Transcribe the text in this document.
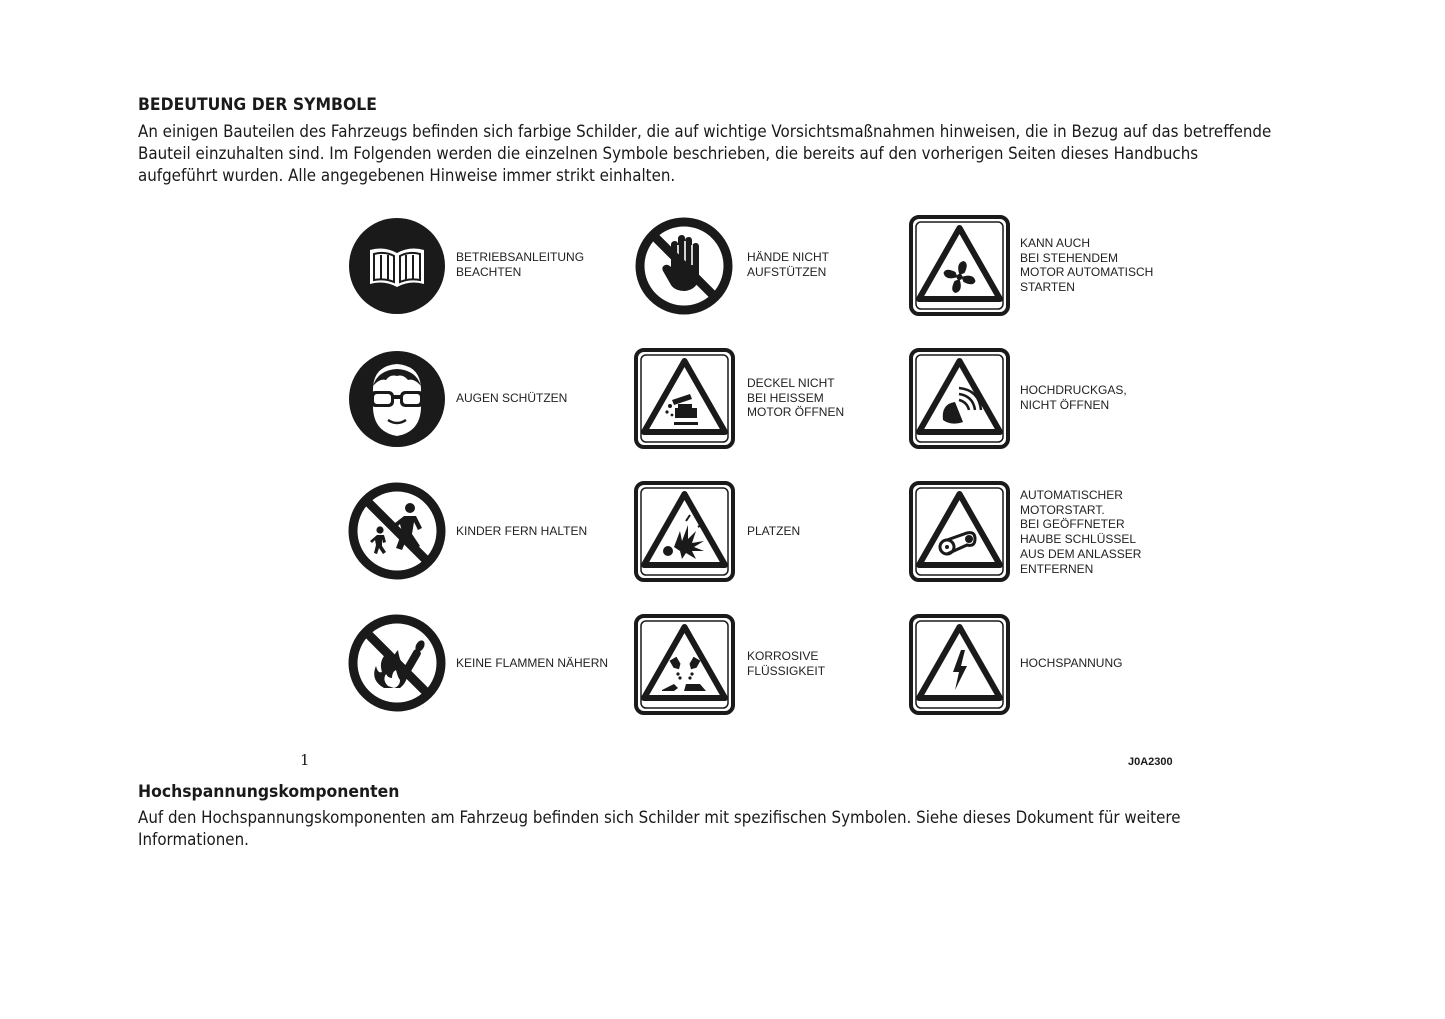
BEDEUTUNG DER SYMBOLE

An einigen Bauteilen des Fahrzeugs befinden sich farbige Schilder, die auf wichtige Vorsichtsmaßnahmen hinweisen, die in Bezug auf das betreffende
Bauteil einzuhalten sind. Im Folgenden werden die einzelnen Symbole beschrieben, die bereits auf den vorherigen Seiten dieses Handbuchs
aufgeführt wurden. Alle angegebenen Hinweise immer strikt einhalten.

BETRIEBSANLEITUNG
BEACHTEN
HÄNDE NICHT
AUFSTÜTZEN
KANN AUCH
BEI STEHENDEM
MOTOR AUTOMATISCH
STARTEN
AUGEN SCHÜTZEN
DECKEL NICHT
BEI HEISSEM
MOTOR ÖFFNEN
HOCHDRUCKGAS,
NICHT ÖFFNEN
KINDER FERN HALTEN	PLATZEN
AUTOMATISCHER
MOTORSTART.
BEI GEÖFFNETER
HAUBE SCHLÜSSEL
AUS DEM ANLASSER
ENTFERNEN
KEINE FLAMMEN NÄHERN	KORROSIVE
FLÜSSIGKEIT
HOCHSPANNUNG
1	J0A2300
Hochspannungskomponenten

Auf den Hochspannungskomponenten am Fahrzeug befinden sich Schilder mit spezifischen Symbolen. Siehe dieses Dokument für weitere
Informationen.
